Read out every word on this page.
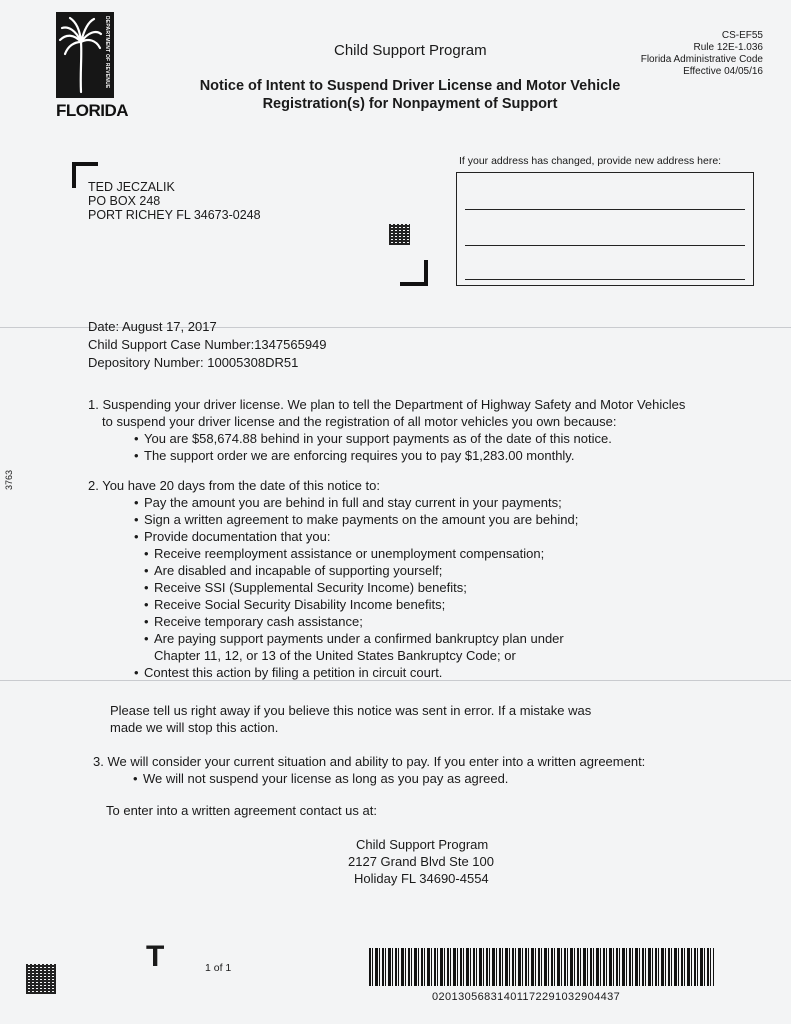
DEPARTMENT OF REVENUE
FLORIDA
Child Support Program
CS-EF55
Rule 12E-1.036
Florida Administrative Code
Effective 04/05/16
Notice of Intent to Suspend Driver License and Motor Vehicle
Registration(s) for Nonpayment of Support
If your address has changed, provide new address here:
TED JECZALIK
PO BOX 248
PORT RICHEY FL 34673-0248
Date: August 17, 2017
Child Support Case Number:1347565949
Depository Number: 10005308DR51
1. Suspending your driver license. We plan to tell the Department of Highway Safety and Motor Vehicles
to suspend your driver license and the registration of all motor vehicles you own because:
• You are $58,674.88 behind in your support payments as of the date of this notice.
• The support order we are enforcing requires you to pay $1,283.00 monthly.
2. You have 20 days from the date of this notice to:
• Pay the amount you are behind in full and stay current in your payments;
• Sign a written agreement to make payments on the amount you are behind;
• Provide documentation that you:
• Receive reemployment assistance or unemployment compensation;
• Are disabled and incapable of supporting yourself;
• Receive SSI (Supplemental Security Income) benefits;
• Receive Social Security Disability Income benefits;
• Receive temporary cash assistance;
• Are paying support payments under a confirmed bankruptcy plan under
Chapter 11, 12, or 13 of the United States Bankruptcy Code; or
• Contest this action by filing a petition in circuit court.
Please tell us right away if you believe this notice was sent in error. If a mistake was
made we will stop this action.
3. We will consider your current situation and ability to pay. If you enter into a written agreement:
• We will not suspend your license as long as you pay as agreed.
To enter into a written agreement contact us at:
Child Support Program
2127 Grand Blvd Ste 100
Holiday FL 34690-4554
3763
T	1 of 1
02013056831401172291032904437
